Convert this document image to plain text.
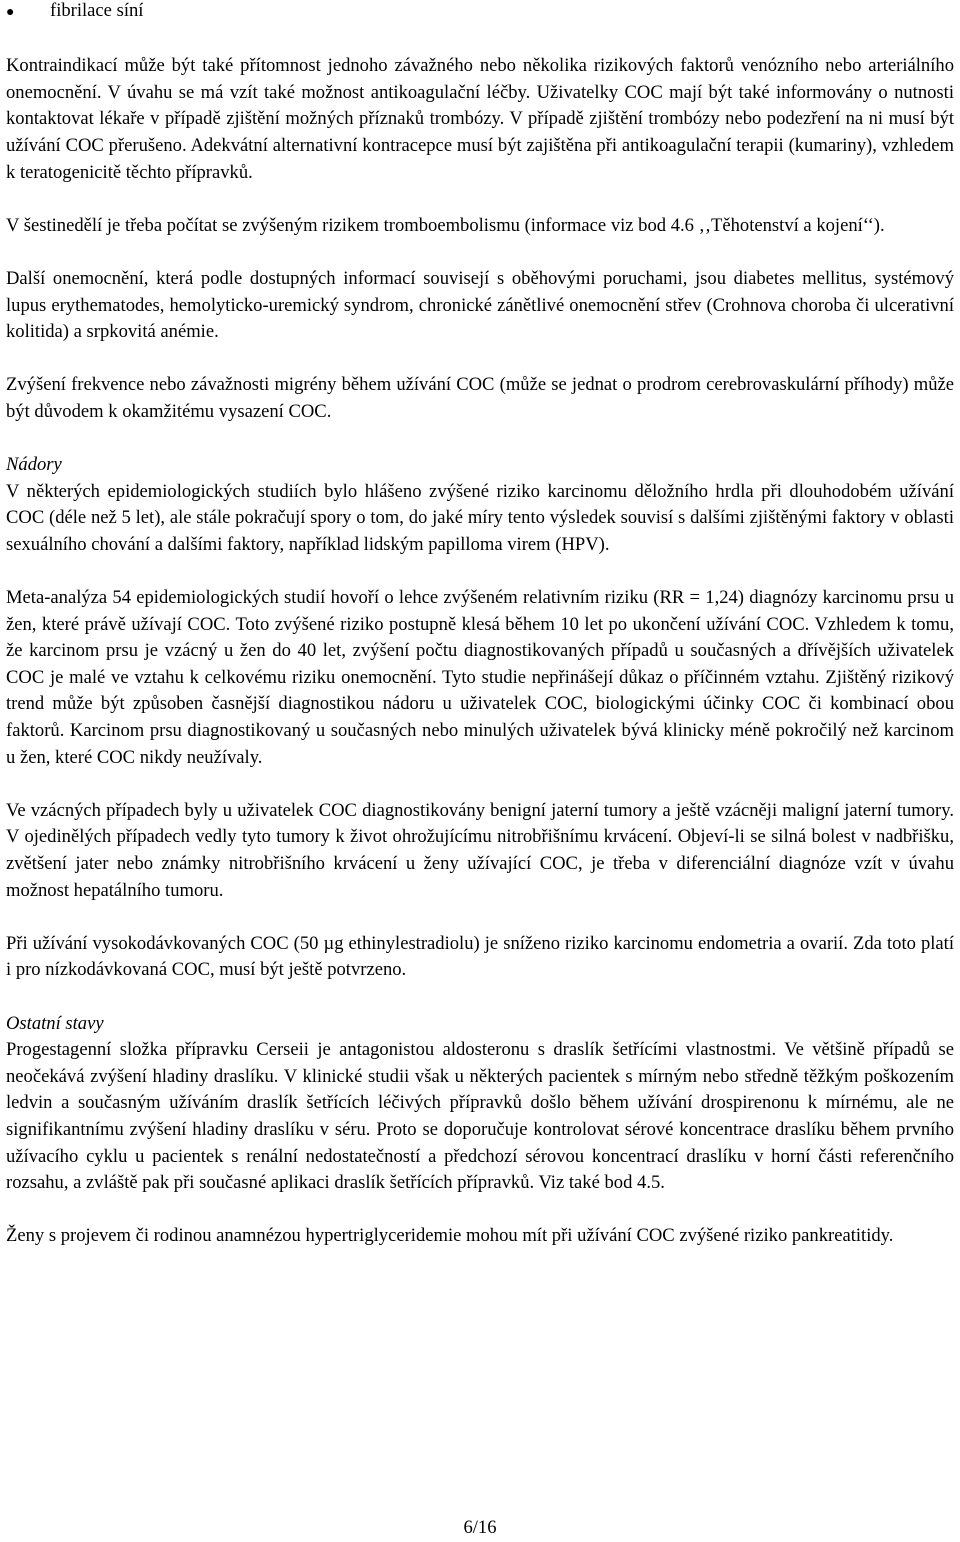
●	fibrilace síní

Kontraindikací může být také přítomnost jednoho závažného nebo několika rizikových faktorů venózního nebo arteriálního onemocnění. V úvahu se má vzít také možnost antikoagulační léčby. Uživatelky COC mají být také informovány o nutnosti kontaktovat lékaře v případě zjištění možných příznaků trombózy. V případě zjištění trombózy nebo podezření na ni musí být užívání COC přerušeno. Adekvátní alternativní kontracepce musí být zajištěna při antikoagulační terapii (kumariny), vzhledem k teratogenicitě těchto přípravků.

V šestinedělí je třeba počítat se zvýšeným rizikem tromboembolismu (informace viz bod 4.6 ‚‚Těhotenství a kojení‘‘).

Další onemocnění, která podle dostupných informací souvisejí s oběhovými poruchami, jsou diabetes mellitus, systémový lupus erythematodes, hemolyticko-uremický syndrom, chronické zánětlivé onemocnění střev (Crohnova choroba či ulcerativní kolitida) a srpkovitá anémie.

Zvýšení frekvence nebo závažnosti migrény během užívání COC (může se jednat o prodrom cerebrovaskulární příhody) může být důvodem k okamžitému vysazení COC.

Nádory

V některých epidemiologických studiích bylo hlášeno zvýšené riziko karcinomu děložního hrdla při dlouhodobém užívání COC (déle než 5 let), ale stále pokračují spory o tom, do jaké míry tento výsledek souvisí s dalšími zjištěnými faktory v oblasti sexuálního chování a dalšími faktory, například lidským papilloma virem (HPV).

Meta-analýza 54 epidemiologických studií hovoří o lehce zvýšeném relativním riziku (RR = 1,24) diagnózy karcinomu prsu u žen, které právě užívají COC. Toto zvýšené riziko postupně klesá během 10 let po ukončení užívání COC. Vzhledem k tomu, že karcinom prsu je vzácný u žen do 40 let, zvýšení počtu diagnostikovaných případů u současných a dřívějších uživatelek COC je malé ve vztahu k celkovému riziku onemocnění. Tyto studie nepřinášejí důkaz o příčinném vztahu. Zjištěný rizikový trend může být způsoben časnější diagnostikou nádoru u uživatelek COC, biologickými účinky COC či kombinací obou faktorů. Karcinom prsu diagnostikovaný u současných nebo minulých uživatelek bývá klinicky méně pokročilý než karcinom u žen, které COC nikdy neužívaly.

Ve vzácných případech byly u uživatelek COC diagnostikovány benigní jaterní tumory a ještě vzácněji maligní jaterní tumory. V ojedinělých případech vedly tyto tumory k život ohrožujícímu nitrobřišnímu krvácení. Objeví-li se silná bolest v nadbřišku, zvětšení jater nebo známky nitrobřišního krvácení u ženy užívající COC, je třeba v diferenciální diagnóze vzít v úvahu možnost hepatálního tumoru.

Při užívání vysokodávkovaných COC (50 µg ethinylestradiolu) je sníženo riziko karcinomu endometria a ovarií. Zda toto platí i pro nízkodávkovaná COC, musí být ještě potvrzeno.

Ostatní stavy

Progestagenní složka přípravku Cerseii je antagonistou aldosteronu s draslík šetřícími vlastnostmi. Ve většině případů se neočekává zvýšení hladiny draslíku. V klinické studii však u některých pacientek s mírným nebo středně těžkým poškozením ledvin a současným užíváním draslík šetřících léčivých přípravků došlo během užívání drospirenonu k mírnému, ale ne signifikantnímu zvýšení hladiny draslíku v séru. Proto se doporučuje kontrolovat sérové koncentrace draslíku během prvního užívacího cyklu u pacientek s renální nedostatečností a předchozí sérovou koncentrací draslíku v horní části referenčního rozsahu, a zvláště pak při současné aplikaci draslík šetřících přípravků. Viz také bod 4.5.

Ženy s projevem či rodinou anamnézou hypertriglyceridemie mohou mít při užívání COC zvýšené riziko pankreatitidy.

6/16
